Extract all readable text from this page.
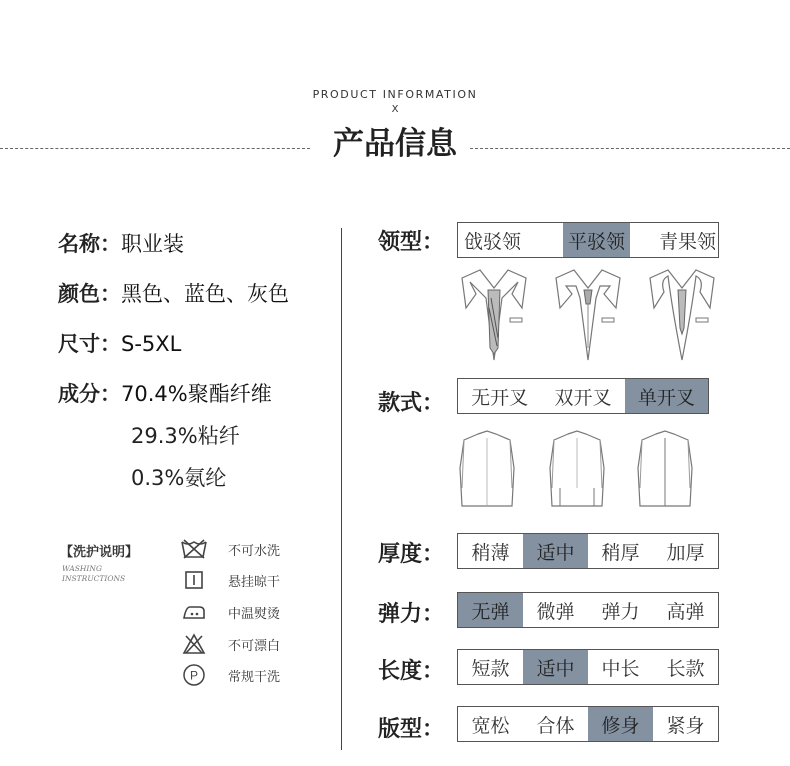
PRODUCT INFORMATION
X
产品信息
名称：职业装
颜色：黑色、蓝色、灰色
尺寸：S-5XL
成分：70.4%聚酯纤维
29.3%粘纤
0.3%氨纶
【洗护说明】
WASHING
INSTRUCTIONS
不可水洗
悬挂晾干
中温熨烫
不可漂白
P 常规干洗
领型：	戗驳领	平驳领	青果领
款式：	无开叉	双开叉	单开叉
厚度：	稍薄	适中	稍厚	加厚
弹力：	无弹	微弹	弹力	高弹
长度：	短款	适中	中长	长款
版型：	宽松	合体	修身	紧身
